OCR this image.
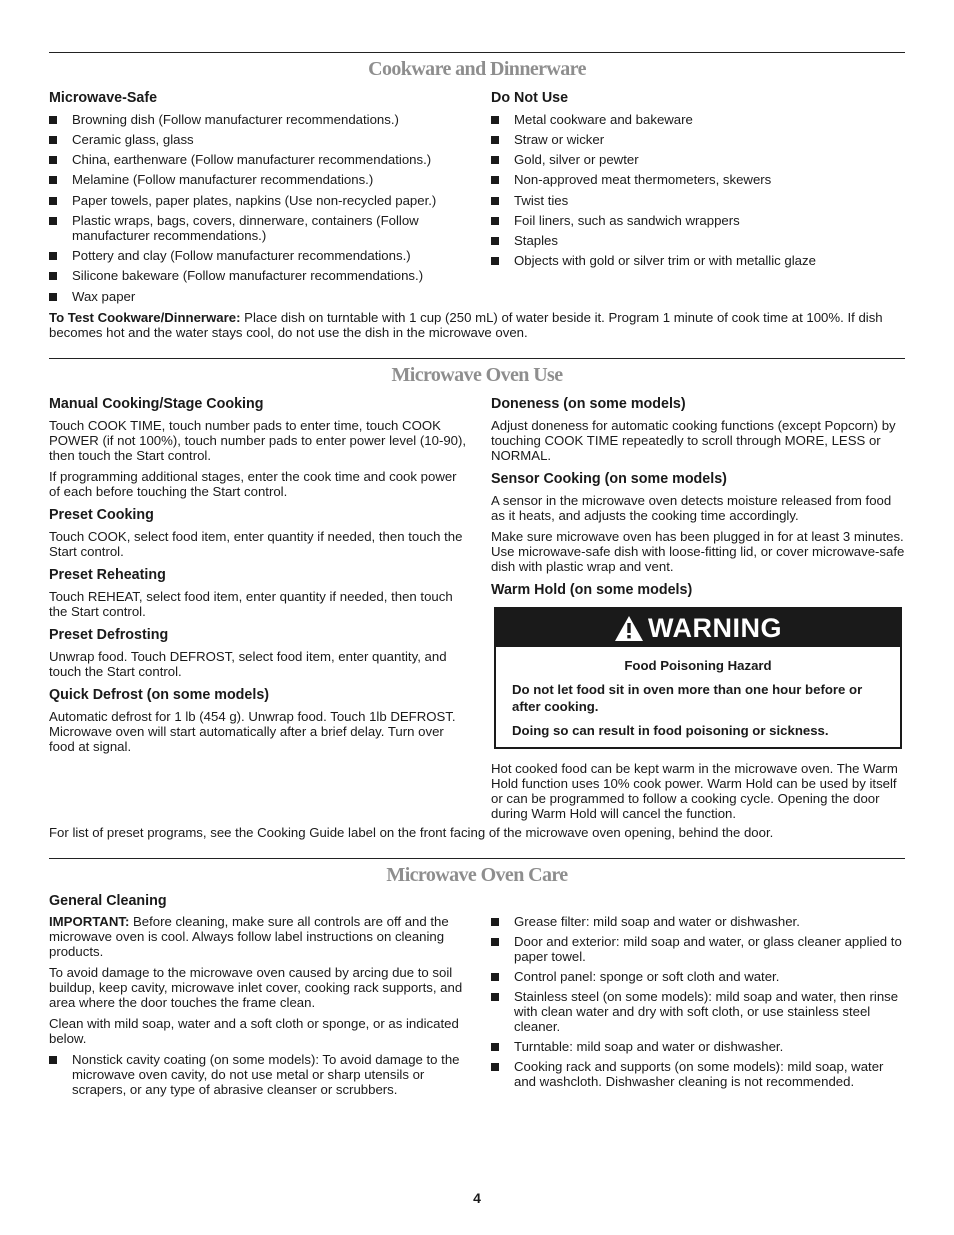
Cookware and Dinnerware
Microwave-Safe
Browning dish (Follow manufacturer recommendations.)
Ceramic glass, glass
China, earthenware (Follow manufacturer recommendations.)
Melamine (Follow manufacturer recommendations.)
Paper towels, paper plates, napkins (Use non-recycled paper.)
Plastic wraps, bags, covers, dinnerware, containers (Follow manufacturer recommendations.)
Pottery and clay (Follow manufacturer recommendations.)
Silicone bakeware (Follow manufacturer recommendations.)
Wax paper
Do Not Use
Metal cookware and bakeware
Straw or wicker
Gold, silver or pewter
Non-approved meat thermometers, skewers
Twist ties
Foil liners, such as sandwich wrappers
Staples
Objects with gold or silver trim or with metallic glaze

To Test Cookware/Dinnerware: Place dish on turntable with 1 cup (250 mL) of water beside it. Program 1 minute of cook time at 100%. If dish becomes hot and the water stays cool, do not use the dish in the microwave oven.

Microwave Oven Use
Manual Cooking/Stage Cooking

Touch COOK TIME, touch number pads to enter time, touch COOK POWER (if not 100%), touch number pads to enter power level (10-90), then touch the Start control.

If programming additional stages, enter the cook time and cook power of each before touching the Start control.

Preset Cooking

Touch COOK, select food item, enter quantity if needed, then touch the Start control.

Preset Reheating

Touch REHEAT, select food item, enter quantity if needed, then touch the Start control.

Preset Defrosting

Unwrap food. Touch DEFROST, select food item, enter quantity, and touch the Start control.

Quick Defrost (on some models)

Automatic defrost for 1 lb (454 g). Unwrap food. Touch 1lb DEFROST. Microwave oven will start automatically after a brief delay. Turn over food at signal.

Doneness (on some models)

Adjust doneness for automatic cooking functions (except Popcorn) by touching COOK TIME repeatedly to scroll through MORE, LESS or NORMAL.

Sensor Cooking (on some models)

A sensor in the microwave oven detects moisture released from food as it heats, and adjusts the cooking time accordingly.

Make sure microwave oven has been plugged in for at least 3 minutes. Use microwave-safe dish with loose-fitting lid, or cover microwave-safe dish with plastic wrap and vent.

Warm Hold (on some models)
WARNING

Food Poisoning Hazard

Do not let food sit in oven more than one hour before or after cooking.

Doing so can result in food poisoning or sickness.

Hot cooked food can be kept warm in the microwave oven. The Warm Hold function uses 10% cook power. Warm Hold can be used by itself or can be programmed to follow a cooking cycle. Opening the door during Warm Hold will cancel the function.

For list of preset programs, see the Cooking Guide label on the front facing of the microwave oven opening, behind the door.

Microwave Oven Care
General Cleaning

IMPORTANT: Before cleaning, make sure all controls are off and the microwave oven is cool. Always follow label instructions on cleaning products.

To avoid damage to the microwave oven caused by arcing due to soil buildup, keep cavity, microwave inlet cover, cooking rack supports, and area where the door touches the frame clean.

Clean with mild soap, water and a soft cloth or sponge, or as indicated below.

Nonstick cavity coating (on some models): To avoid damage to the microwave oven cavity, do not use metal or sharp utensils or scrapers, or any type of abrasive cleanser or scrubbers.
Grease filter: mild soap and water or dishwasher.
Door and exterior: mild soap and water, or glass cleaner applied to paper towel.
Control panel: sponge or soft cloth and water.
Stainless steel (on some models): mild soap and water, then rinse with clean water and dry with soft cloth, or use stainless steel cleaner.
Turntable: mild soap and water or dishwasher.
Cooking rack and supports (on some models): mild soap, water and washcloth. Dishwasher cleaning is not recommended.
4
